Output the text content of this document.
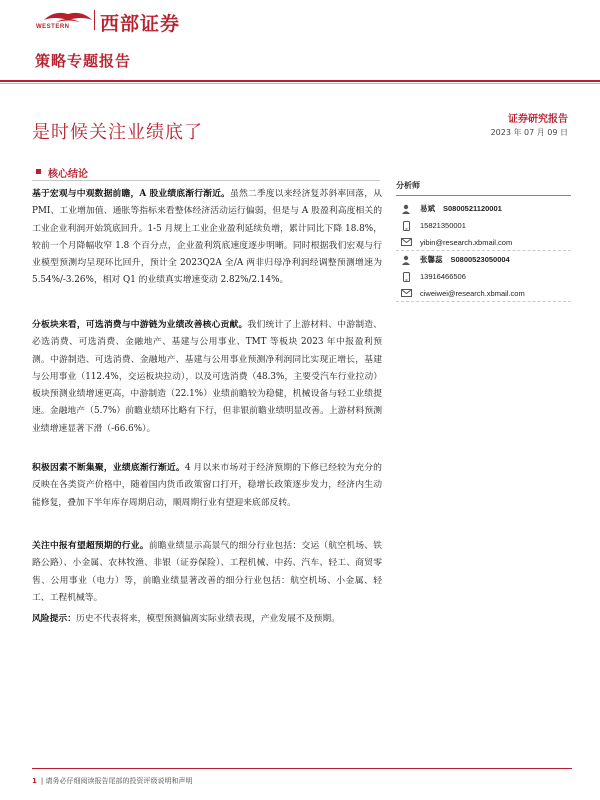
WESTERN 西部证券
策略专题报告
是时候关注业绩底了
证券研究报告
2023 年 07 月 09 日
核心结论

基于宏观与中观数据前瞻，A 股业绩底渐行渐近。虽然二季度以来经济复苏斜率回落，从 PMI、工业增加值、通胀等指标来看整体经济活动运行偏弱，但是与 A 股盈利高度相关的工业企业利润开始筑底回升。1-5 月规上工业企业盈利延续负增，累计同比下降 18.8%，较前一个月降幅收窄 1.8 个百分点，企业盈利筑底速度逐步明晰。同时根据我们宏观与行业模型预测均呈现环比回升，预计全 2023Q2A 全/A 两非归母净利润经调整预测增速为 5.54%/-3.26%，相对 Q1 的业绩真实增速变动 2.82%/2.14%。

分板块来看，可选消费与中游链为业绩改善核心贡献。我们统计了上游材料、中游制造、必选消费、可选消费、金融地产、基建与公用事业、TMT 等板块 2023 年中报盈利预测。中游制造、可选消费、金融地产、基建与公用事业预测净利润同比实现正增长，基建与公用事业（112.4%，交运板块拉动），以及可选消费（48.3%，主要受汽车行业拉动）板块预测业绩增速更高，中游制造（22.1%）业绩前瞻较为稳健，机械设备与轻工业绩提速。金融地产（5.7%）前瞻业绩环比略有下行，但非银前瞻业绩明显改善。上游材料预测业绩增速显著下滑（-66.6%）。

积极因素不断集聚，业绩底渐行渐近。4 月以来市场对于经济预期的下修已经较为充分的反映在各类资产价格中，随着国内货币政策窗口打开，稳增长政策逐步发力，经济内生动能修复，叠加下半年库存周期启动，顺周期行业有望迎来底部反转。

关注中报有望超预期的行业。前瞻业绩显示高景气的细分行业包括：交运（航空机场、铁路公路）、小金属、农林牧渔、非银（证券保险）、工程机械、中药、汽车、轻工、商贸零售、公用事业（电力）等，前瞻业绩显著改善的细分行业包括：航空机场、小金属、轻工、工程机械等。

风险提示：历史不代表将来，模型预测偏离实际业绩表现，产业发展不及预期。

分析师
易斌 S0800521120001
15821350001
yibin@research.xbmail.com
张馨蕊 S0800523050004
13916466506
ciweiwei@research.xbmail.com
1 | 请务必仔细阅读报告尾部的投资评级说明和声明
